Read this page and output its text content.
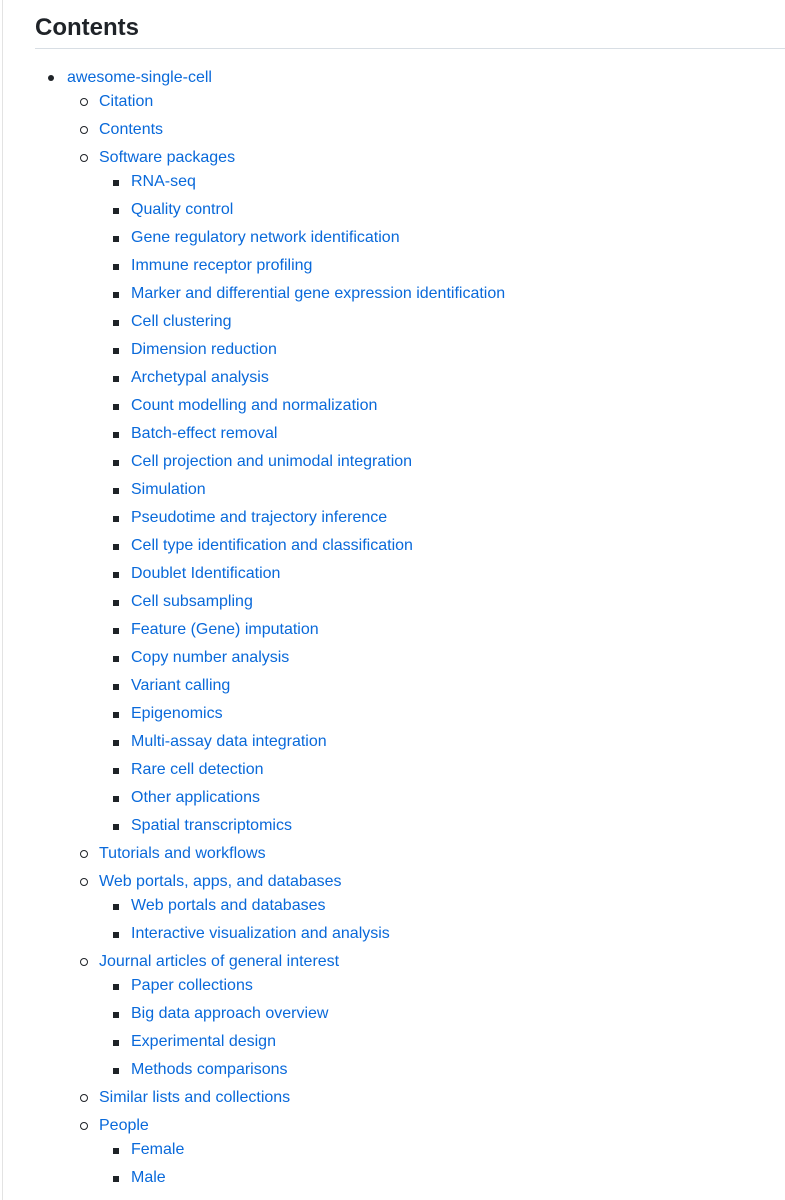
Contents
awesome-single-cell
Citation
Contents
Software packages
RNA-seq
Quality control
Gene regulatory network identification
Immune receptor profiling
Marker and differential gene expression identification
Cell clustering
Dimension reduction
Archetypal analysis
Count modelling and normalization
Batch-effect removal
Cell projection and unimodal integration
Simulation
Pseudotime and trajectory inference
Cell type identification and classification
Doublet Identification
Cell subsampling
Feature (Gene) imputation
Copy number analysis
Variant calling
Epigenomics
Multi-assay data integration
Rare cell detection
Other applications
Spatial transcriptomics
Tutorials and workflows
Web portals, apps, and databases
Web portals and databases
Interactive visualization and analysis
Journal articles of general interest
Paper collections
Big data approach overview
Experimental design
Methods comparisons
Similar lists and collections
People
Female
Male
